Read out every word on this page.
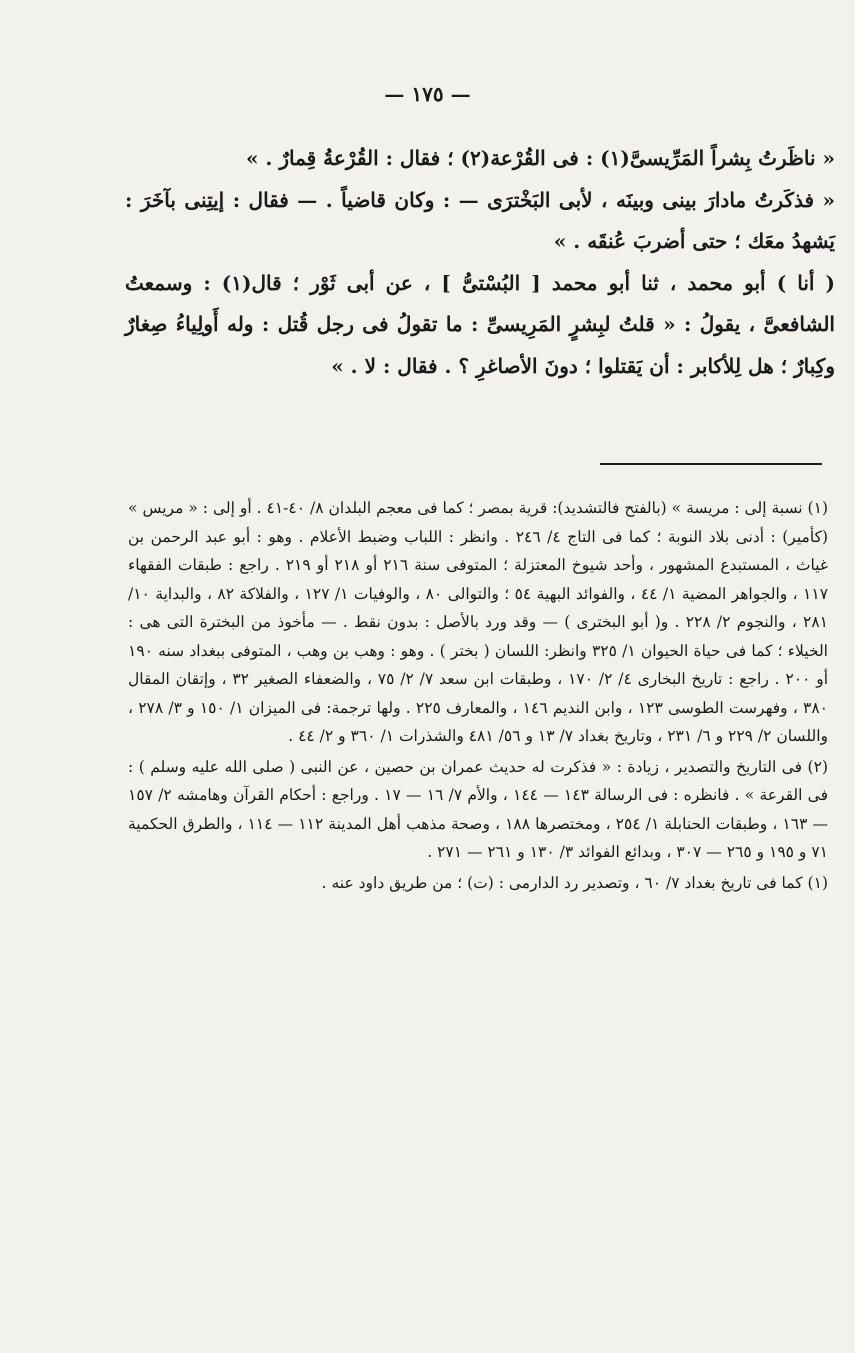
— ١٧٥ —

« ناظَرتُ بِشراً المَرِّيسىَّ(١) : فى القُرْعة(٢) ؛ فقال : القُرْعةُ قِمارٌ . »

« فذكَرتُ مادارَ بينى وبينَه ، لأبى البَخْترَى — : وكان قاضياً . — فقال : إيتِنى بآخَرَ : يَشهدُ معَك ؛ حتى أضربَ عُنقَه . »

( أنا ) أبو محمد ، ثنا أبو محمد [ البُسْتىُّ ] ، عن أبى ثَوْر ؛ قال(١) : وسمعتُ الشافعىَّ ، يقولُ : « قلتُ لبِشرٍ المَرِيسىِّ : ما تقولُ فى رجل قُتل : وله أَولِياءُ صِغارٌ وكِبارٌ ؛ هل لِلأكابر : أن يَقتلوا ؛ دونَ الأصاغرِ ؟ . فقال : لا . »

(١) نسبة إلى : مريسة » (بالفتح فالتشديد): قرية بمصر ؛ كما فى معجم البلدان ٨/ ٤٠-٤١ . أو إلى : « مريس » (كأمير) : أدنى بلاد النوبة ؛ كما فى التاج ٤/ ٢٤٦ . وانظر : اللباب وضبط الأعلام . وهو : أبو عبد الرحمن بن غياث ، المستبدع المشهور ، وأحد شيوخ المعتزلة ؛ المتوفى سنة ٢١٦ أو ٢١٨ أو ٢١٩ . راجع : طبقات الفقهاء ١١٧ ، والجواهر المضية ١/ ٤٤ ، والفوائد البهية ٥٤ ؛ والتوالى ٨٠ ، والوفيات ١/ ١٢٧ ، والفلاكة ٨٢ ، والبداية ١٠/ ٢٨١ ، والنجوم ٢/ ٢٢٨ . و( أبو البخترى ) — وقد ورد بالأصل : بدون نقط . — مأخوذ من البخترة التى هى : الخيلاء ؛ كما فى حياة الحيوان ١/ ٣٢٥ وانظر: اللسان ( بختر ) . وهو : وهب بن وهب ، المتوفى ببغداد سنه ١٩٠ أو ٢٠٠ . راجع : تاريخ البخارى ٤/ ٢/ ١٧٠ ، وطبقات ابن سعد ٧/ ٢/ ٧٥ ، والضعفاء الصغير ٣٢ ، وإتقان المقال ٣٨٠ ، وفهرست الطوسى ١٢٣ ، وابن النديم ١٤٦ ، والمعارف ٢٢٥ . ولها ترجمة: فى الميزان ١/ ١٥٠ و ٣/ ٢٧٨ ، واللسان ٢/ ٢٢٩ و ٦/ ٢٣١ ، وتاريخ بغداد ٧/ ١٣ و ٥٦/ ٤٨١ والشذرات ١/ ٣٦٠ و ٢/ ٤٤ .

(٢) فى التاريخ والتصدير ، زيادة : « فذكرت له حديث عمران بن حصين ، عن النبى ( صلى الله عليه وسلم ) : فى القرعة » . فانظره : فى الرسالة ١٤٣ — ١٤٤ ، والأم ٧/ ١٦ — ١٧ . وراجع : أحكام القرآن وهامشه ٢/ ١٥٧ — ١٦٣ ، وطبقات الحنابلة ١/ ٢٥٤ ، ومختصرها ١٨٨ ، وصحة مذهب أهل المدينة ١١٢ — ١١٤ ، والطرق الحكمية ٧١ و ١٩٥ و ٢٦٥ — ٣٠٧ ، وبدائع الفوائد ٣/ ١٣٠ و ٢٦١ — ٢٧١ .

(١) كما فى تاريخ بغداد ٧/ ٦٠ ، وتصدير رد الدارمى : (ت) ؛ من طريق داود عنه .
